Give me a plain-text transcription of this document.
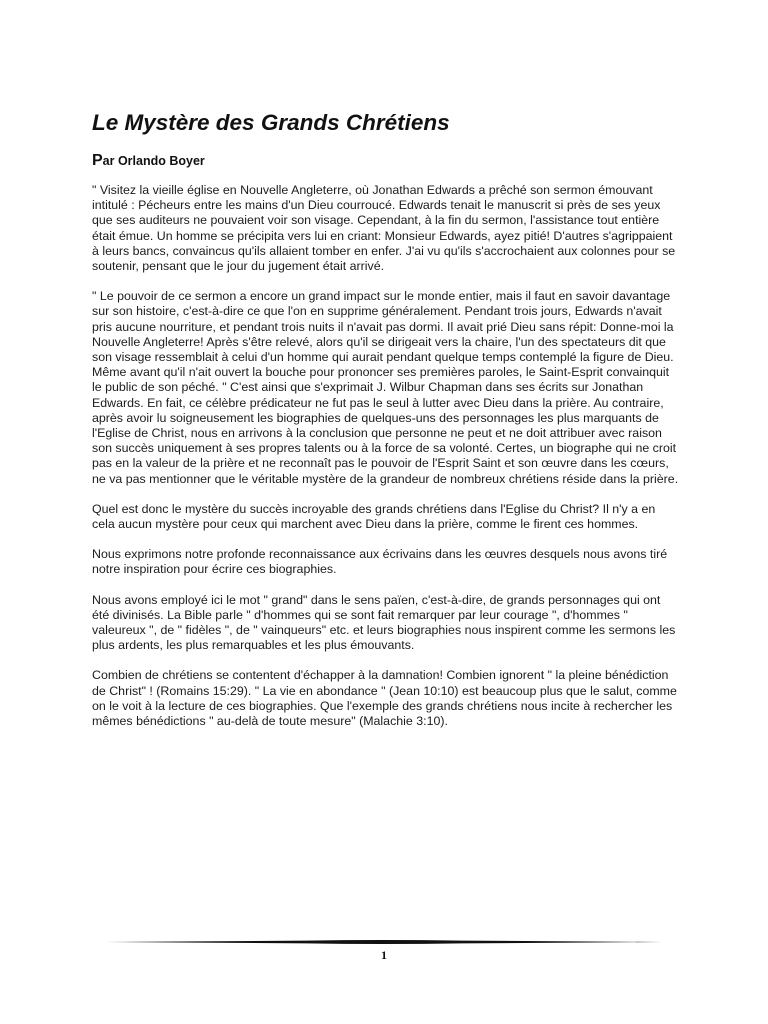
Le Mystère des Grands Chrétiens

Par Orlando Boyer

" Visitez la vieille église en Nouvelle Angleterre, où Jonathan Edwards a prêché son sermon émouvant intitulé : Pécheurs entre les mains d'un Dieu courroucé. Edwards tenait le manuscrit si près de ses yeux que ses auditeurs ne pouvaient voir son visage. Cependant, à la fin du sermon, l'assistance tout entière était émue. Un homme se précipita vers lui en criant: Monsieur Edwards, ayez pitié! D'autres s'agrippaient à leurs bancs, convaincus qu'ils allaient tomber en enfer. J'ai vu qu'ils s'accrochaient aux colonnes pour se soutenir, pensant que le jour du jugement était arrivé.

" Le pouvoir de ce sermon a encore un grand impact sur le monde entier, mais il faut en savoir davantage sur son histoire, c'est-à-dire ce que l'on en supprime généralement. Pendant trois jours, Edwards n'avait pris aucune nourriture, et pendant trois nuits il n'avait pas dormi. Il avait prié Dieu sans répit: Donne-moi la Nouvelle Angleterre! Après s'être relevé, alors qu'il se dirigeait vers la chaire, l'un des spectateurs dit que son visage ressemblait à celui d'un homme qui aurait pendant quelque temps contemplé la figure de Dieu. Même avant qu'il n'ait ouvert la bouche pour prononcer ses premières paroles, le Saint-Esprit convainquit le public de son péché. " C'est ainsi que s'exprimait J. Wilbur Chapman dans ses écrits sur Jonathan Edwards. En fait, ce célèbre prédicateur ne fut pas le seul à lutter avec Dieu dans la prière. Au contraire, après avoir lu soigneusement les biographies de quelques-uns des personnages les plus marquants de l'Eglise de Christ, nous en arrivons à la conclusion que personne ne peut et ne doit attribuer avec raison son succès uniquement à ses propres talents ou à la force de sa volonté. Certes, un biographe qui ne croit pas en la valeur de la prière et ne reconnaît pas le pouvoir de l'Esprit Saint et son œuvre dans les cœurs, ne va pas mentionner que le véritable mystère de la grandeur de nombreux chrétiens réside dans la prière.

Quel est donc le mystère du succès incroyable des grands chrétiens dans l'Eglise du Christ? Il n'y a en cela aucun mystère pour ceux qui marchent avec Dieu dans la prière, comme le firent ces hommes.

Nous exprimons notre profonde reconnaissance aux écrivains dans les œuvres desquels nous avons tiré notre inspiration pour écrire ces biographies.

Nous avons employé ici le mot " grand" dans le sens païen, c'est-à-dire, de grands personnages qui ont été divinisés. La Bible parle " d'hommes qui se sont fait remarquer par leur courage ", d'hommes " valeureux ", de " fidèles ", de " vainqueurs" etc. et leurs biographies nous inspirent comme les sermons les plus ardents, les plus remarquables et les plus émouvants.

Combien de chrétiens se contentent d'échapper à la damnation! Combien ignorent " la pleine bénédiction de Christ" ! (Romains 15:29). " La vie en abondance " (Jean 10:10) est beaucoup plus que le salut, comme on le voit à la lecture de ces biographies. Que l'exemple des grands chrétiens nous incite à rechercher les mêmes bénédictions " au-delà de toute mesure" (Malachie 3:10).

1
